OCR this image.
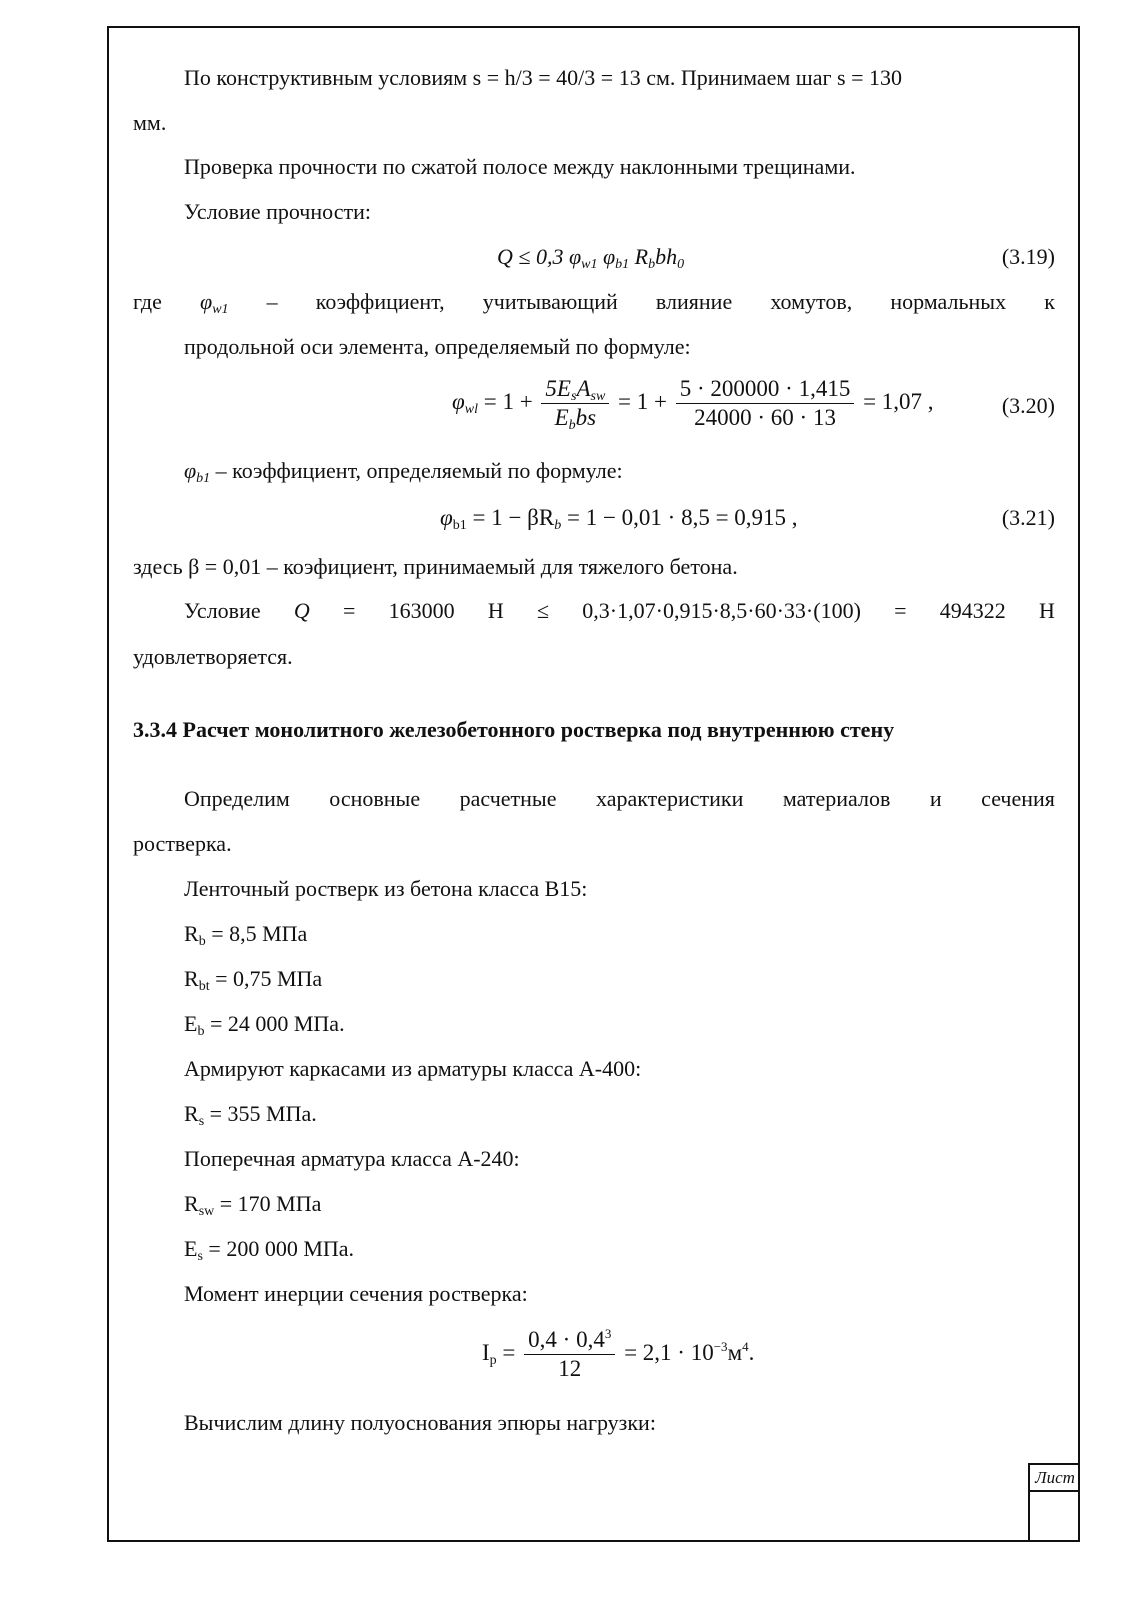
Лист
По конструктивным условиям s = h/3 = 40/3 = 13 см. Принимаем шаг s = 130
мм.
Проверка прочности по сжатой полосе между наклонными трещинами.
Условие прочности:
Q ≤ 0,3 $\varphi_{w1}$ $\varphi_{b1}$ $R_bbh_0$	(3.19)
где $\varphi_{w1}$ – коэффициент, учитывающий влияние хомутов, нормальных к
продольной оси элемента, определяемый по формуле:
$\varphi_{wl} = 1$ +
$5E_sA_{sw}$
$E_bbs$
= $1 + \frac{5 \cdot 200000 \cdot 1,415}{24000 \cdot 60 \cdot 13} = 1,07$ ,	(3.20)
$\varphi_{b1}$ – коэффициент, определяемый по формуле:
$\varphi_{b1} = 1 - \beta R_b = 1 - 0,01 \cdot 8,5 = 0,915$ ,	(3.21)
здесь β = 0,01 – коэфициент, принимаемый для тяжелого бетона.
Условие Q = 163000 Н ≤ 0,3·1,07·0,915·8,5·60·33·(100) = 494322 Н
удовлетворяется.
3.3.4 Расчет монолитного железобетонного ростверка под внутреннюю стену
Определим основные расчетные характеристики материалов и сечения
ростверка.
Ленточный ростверк из бетона класса В15:
$R_b = 8,5$ МПа
$R_{bt} = 0,75$ МПа
$E_b = 24$ 000 МПа.
Армируют каркасами из арматуры класса А-400:
$R_s = 355$ МПа.
Поперечная арматура класса А-240:
$R_{sw} = 170$ МПа
$E_s = 200$ 000 МПа.
Момент инерции сечения ростверка:
$I_р = \frac{0,4 \cdot 0,4^3}{12} = 2,1 \cdot 10^{-3}м^4$.
Вычислим длину полуоснования эпюры нагрузки:
